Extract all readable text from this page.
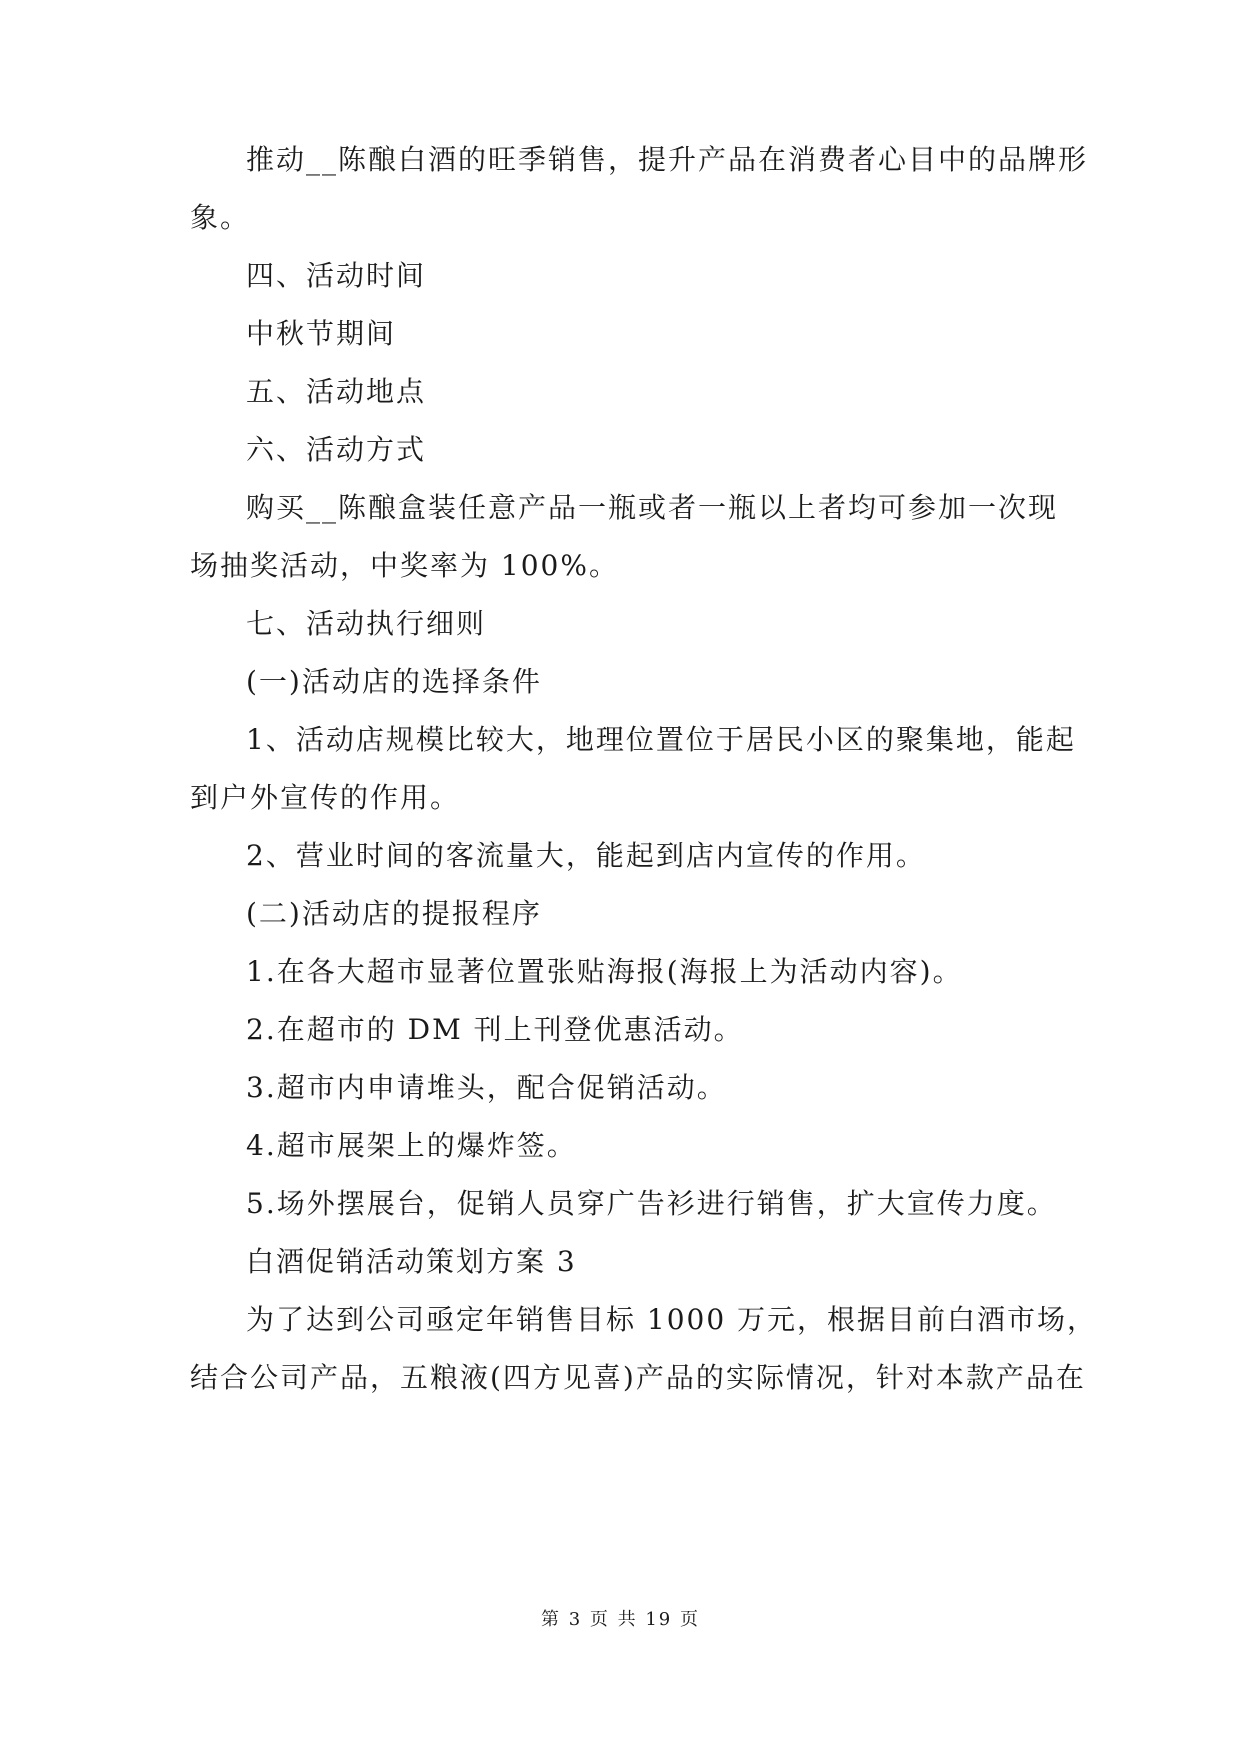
推动__陈酿白酒的旺季销售，提升产品在消费者心目中的品牌形

象。

四、活动时间

中秋节期间

五、活动地点

六、活动方式

购买__陈酿盒装任意产品一瓶或者一瓶以上者均可参加一次现

场抽奖活动，中奖率为 100%。

七、活动执行细则

(一)活动店的选择条件

1、活动店规模比较大，地理位置位于居民小区的聚集地，能起

到户外宣传的作用。

2、营业时间的客流量大，能起到店内宣传的作用。

(二)活动店的提报程序

1.在各大超市显著位置张贴海报(海报上为活动内容)。

2.在超市的 DM 刊上刊登优惠活动。

3.超市内申请堆头，配合促销活动。

4.超市展架上的爆炸签。

5.场外摆展台，促销人员穿广告衫进行销售，扩大宣传力度。

白酒促销活动策划方案 3

为了达到公司亟定年销售目标 1000 万元，根据目前白酒市场，

结合公司产品，五粮液(四方见喜)产品的实际情况，针对本款产品在

第 3 页 共 19 页
